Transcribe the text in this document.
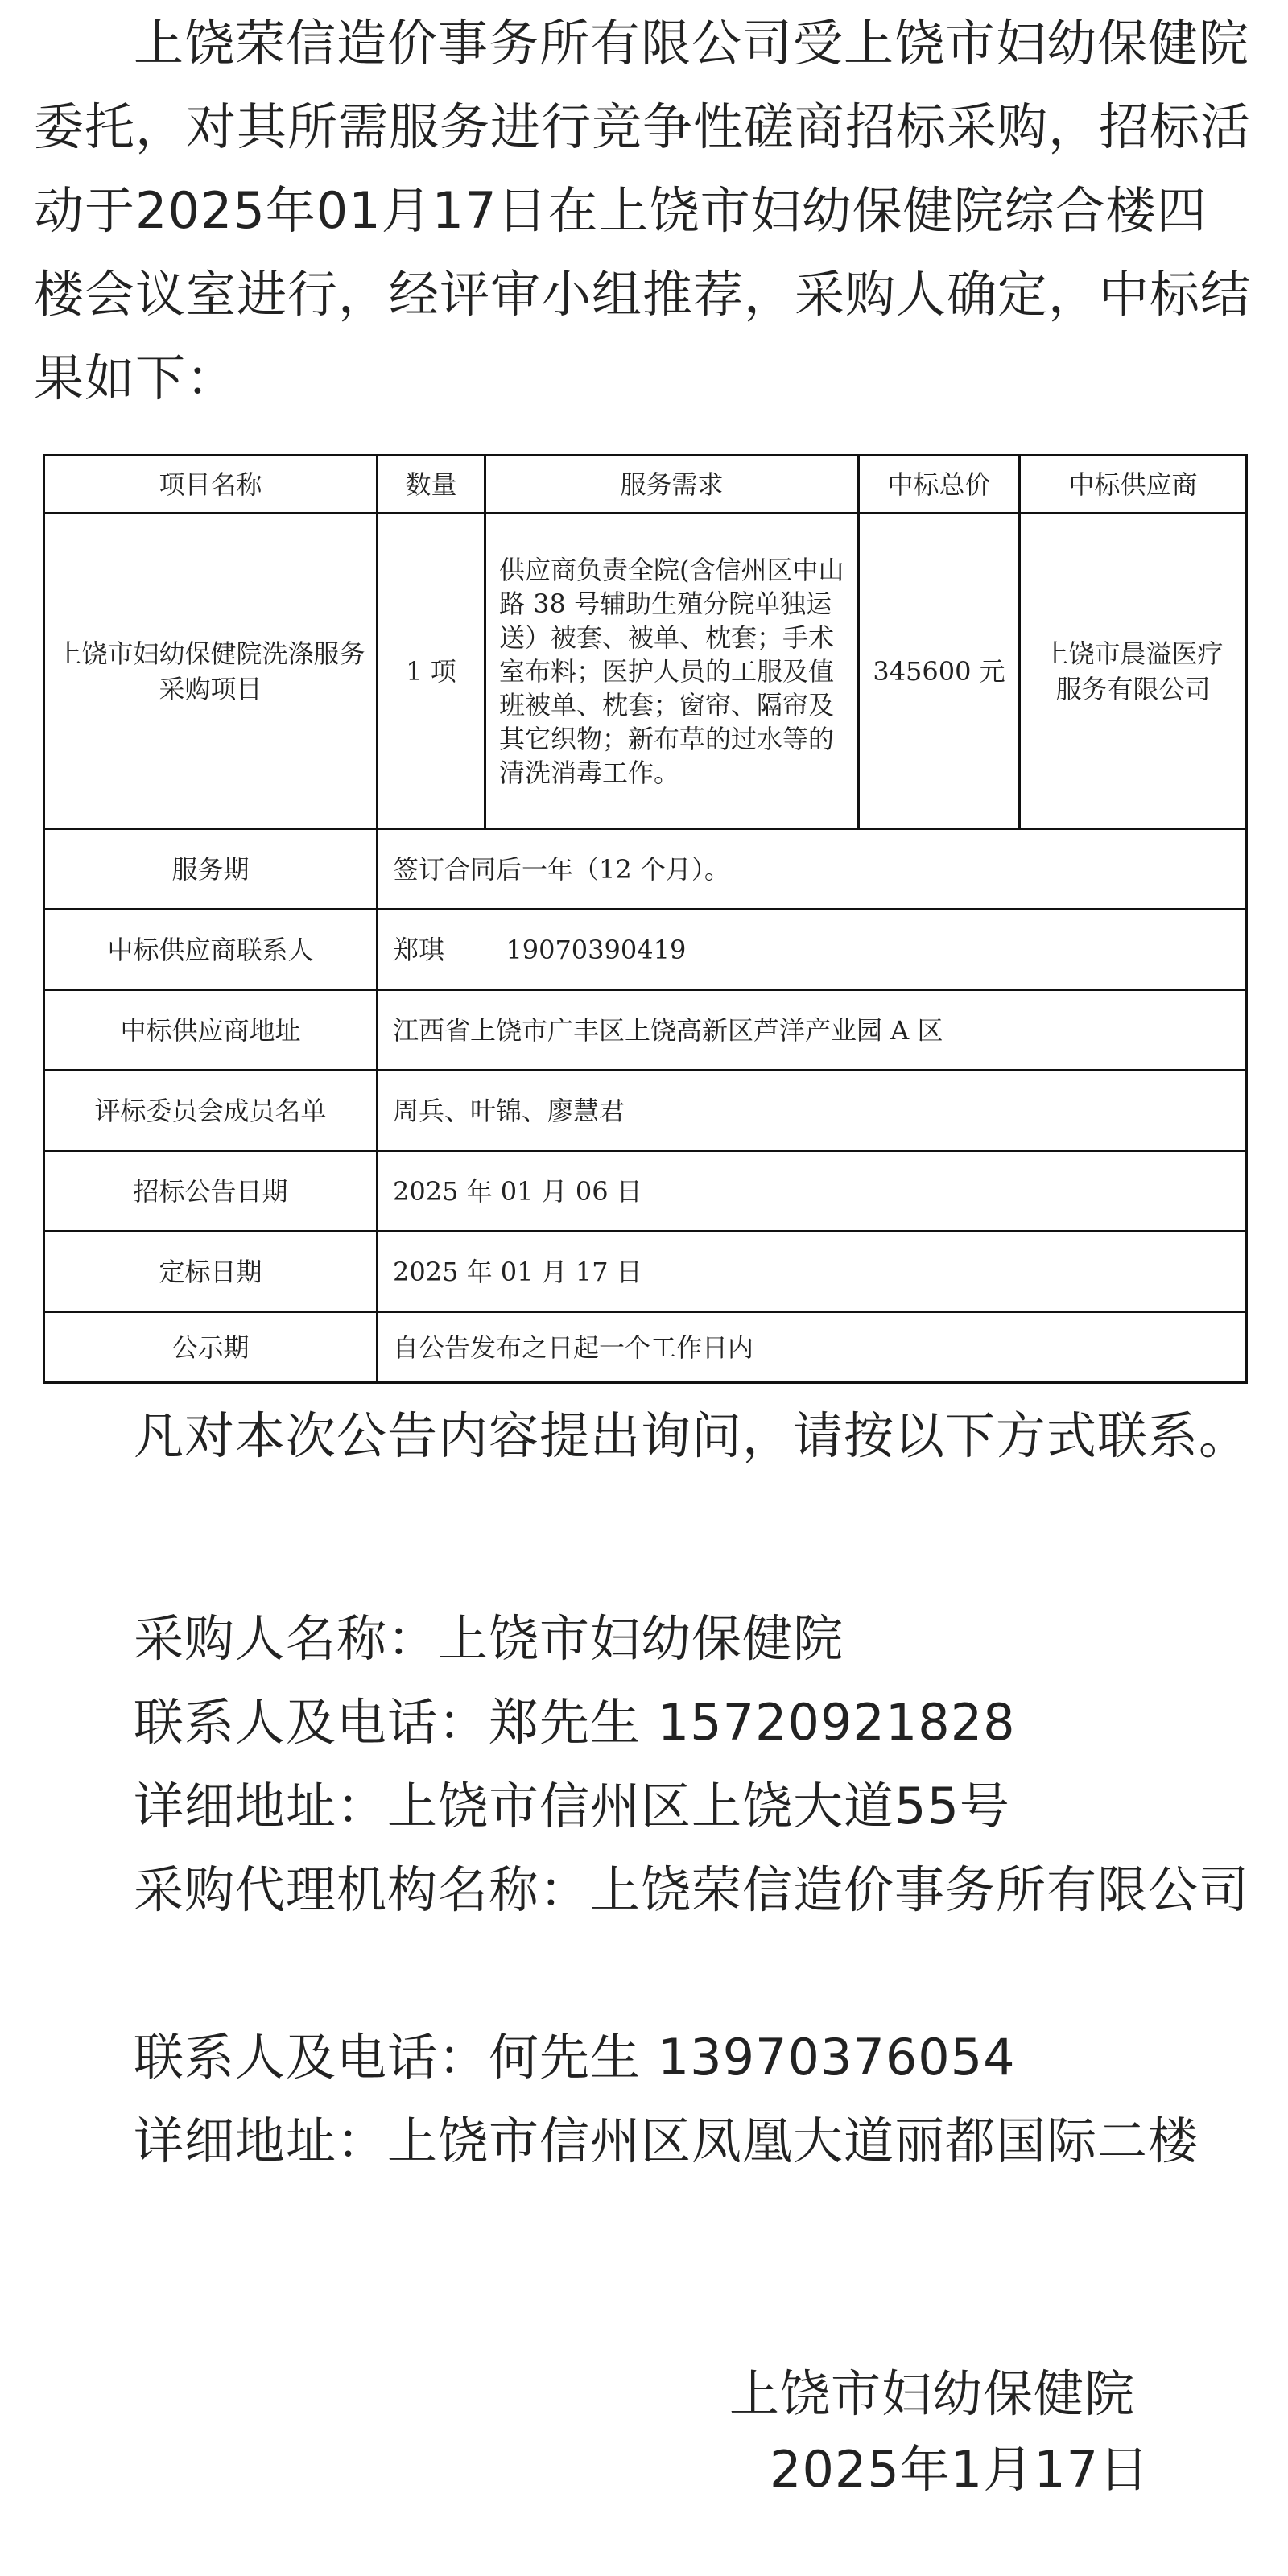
上饶荣信造价事务所有限公司受上饶市妇幼保健院委托，对其所需服务进行竞争性磋商招标采购，招标活动于2025年01月17日在上饶市妇幼保健院综合楼四楼会议室进行，经评审小组推荐，采购人确定，中标结果如下：

项目名称	数量	服务需求	中标总价	中标供应商
上饶市妇幼保健院洗涤服务采购项目	1 项	供应商负责全院(含信州区中山路 38 号辅助生殖分院单独运送）被套、被单、枕套；手术室布料；医护人员的工服及值班被单、枕套；窗帘、隔帘及其它织物；新布草的过水等的清洗消毒工作。	345600 元	上饶市晨溢医疗服务有限公司
服务期	签订合同后一年（12 个月）。			
中标供应商联系人	郑琪 19070390419			
中标供应商地址	江西省上饶市广丰区上饶高新区芦洋产业园 A 区			
评标委员会成员名单	周兵、叶锦、廖慧君			
招标公告日期	2025 年 01 月 06 日			
定标日期	2025 年 01 月 17 日			
公示期	自公告发布之日起一个工作日内			

凡对本次公告内容提出询问，请按以下方式联系。

采购人名称：上饶市妇幼保健院
联系人及电话：郑先生 15720921828
详细地址：上饶市信州区上饶大道55号

采购代理机构名称：上饶荣信造价事务所有限公司

联系人及电话：何先生 13970376054
详细地址：上饶市信州区凤凰大道丽都国际二楼
上饶市妇幼保健院
2025年1月17日
